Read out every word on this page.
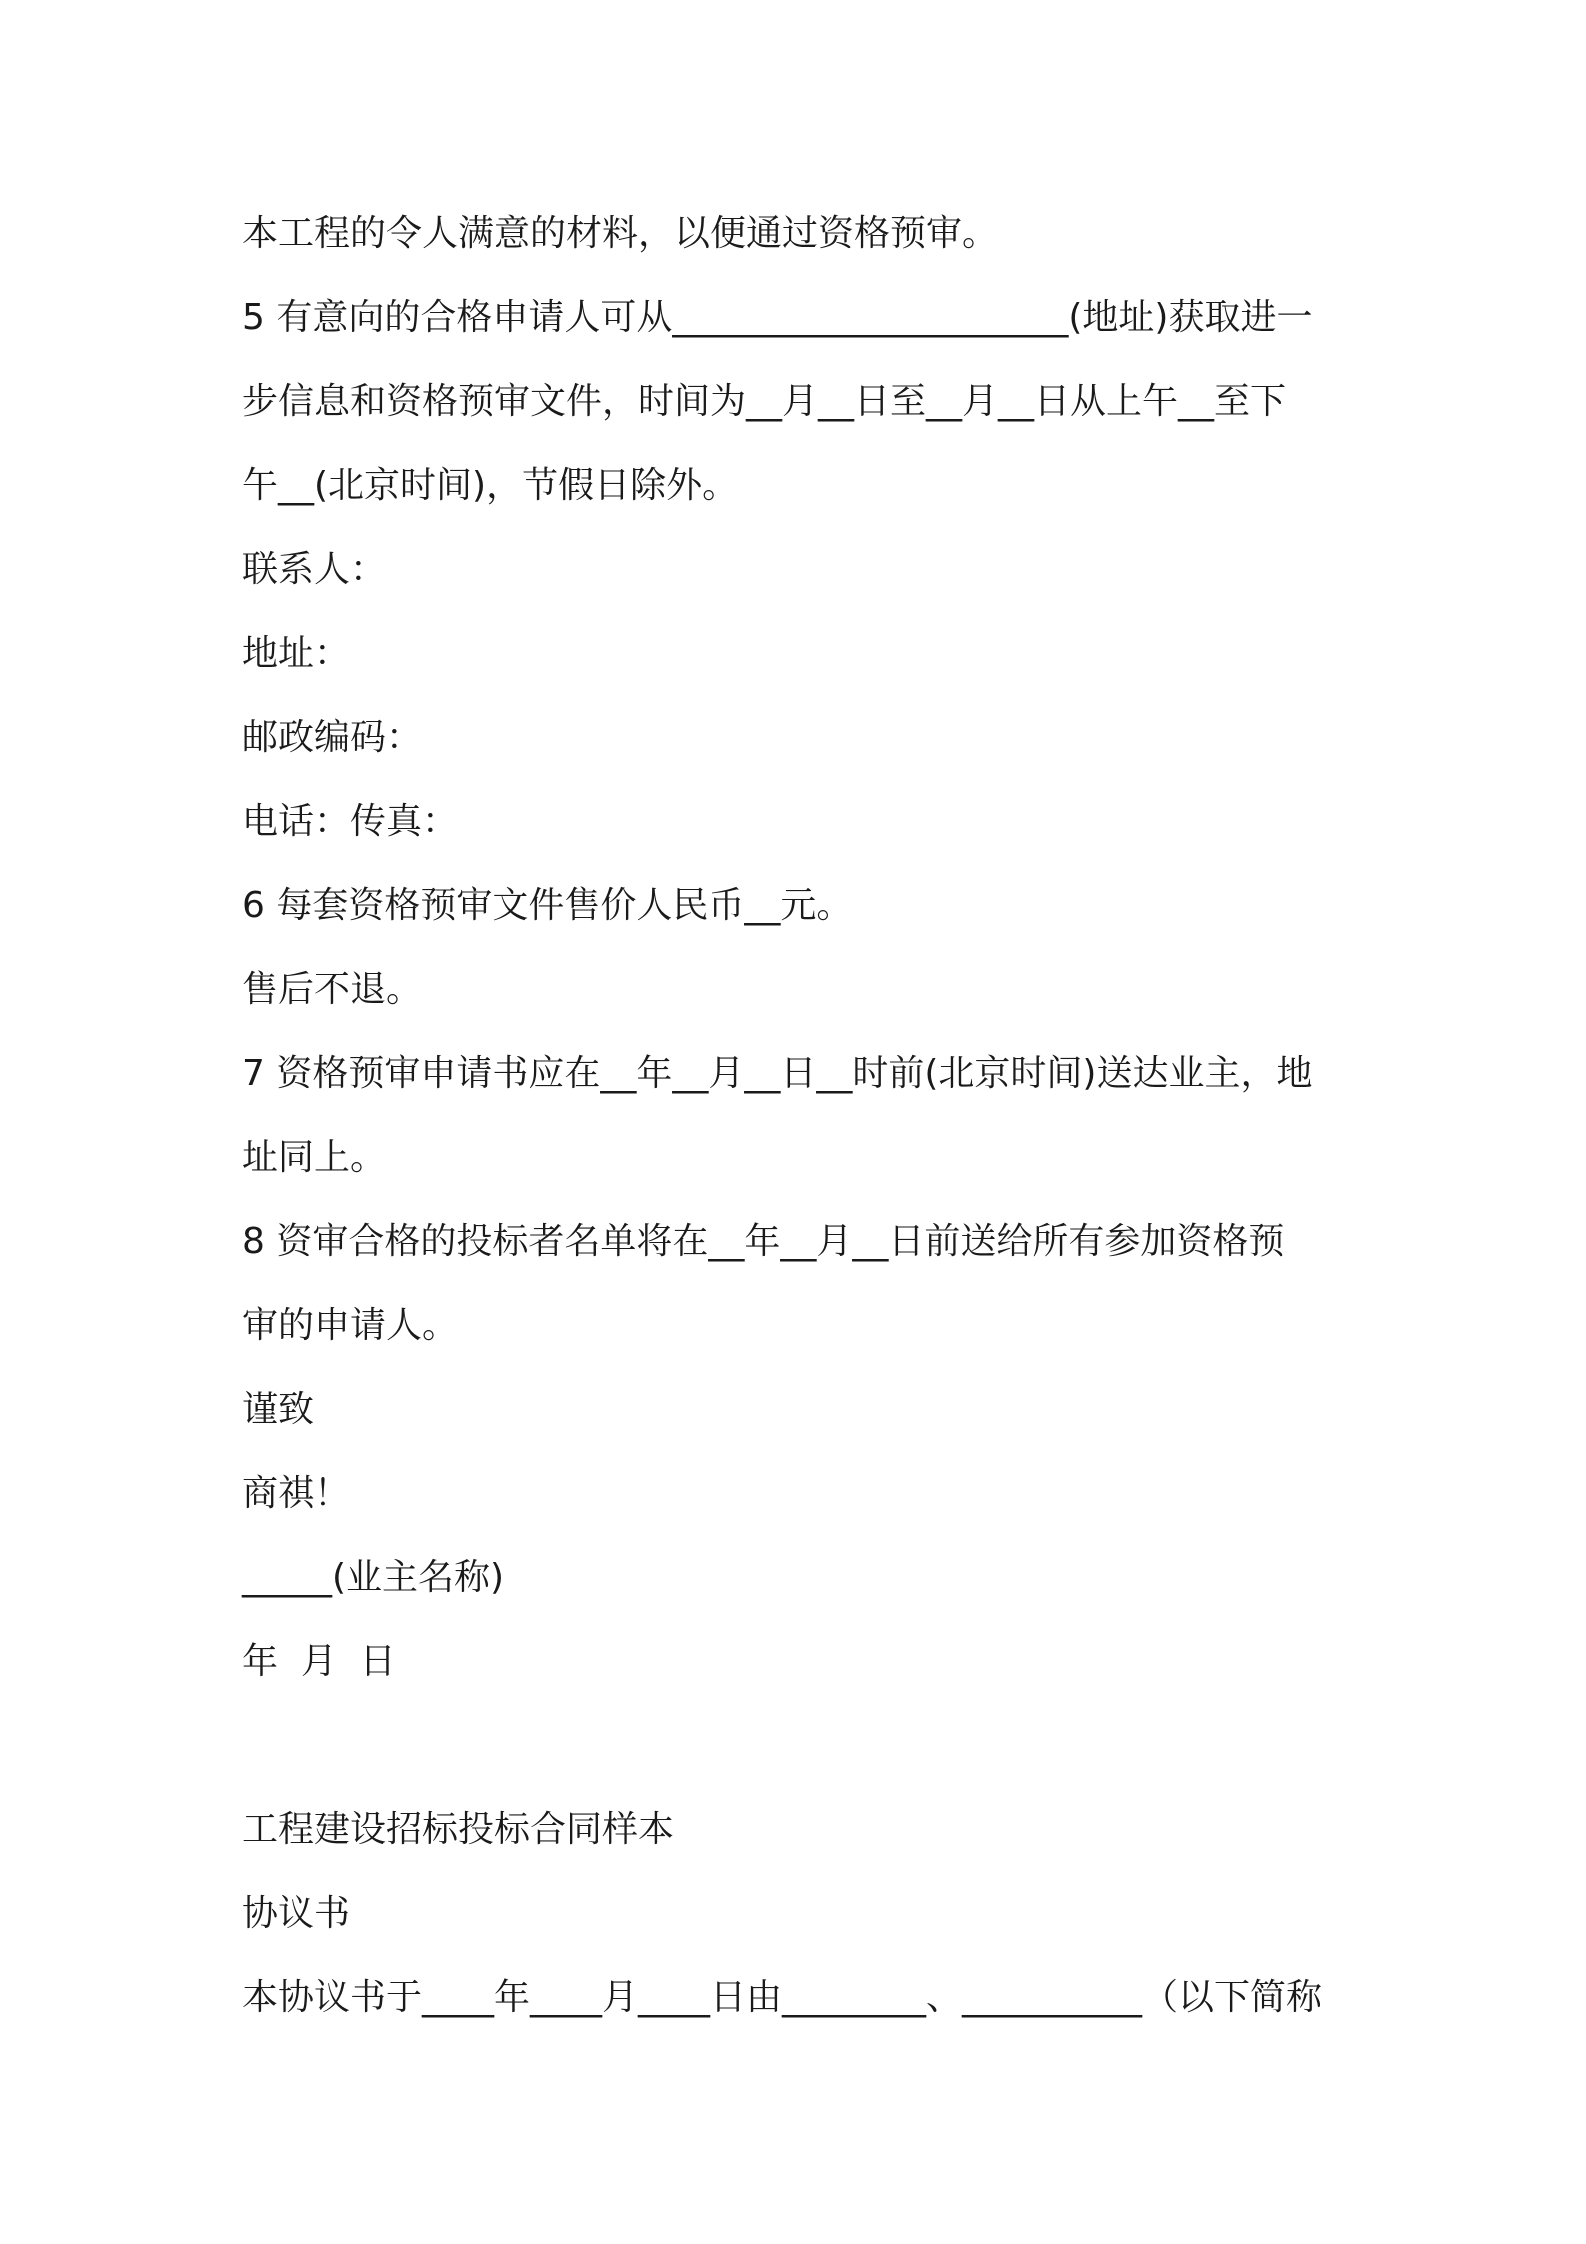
本工程的令人满意的材料，以便通过资格预审。
5 有意向的合格申请人可从______________________(地址)获取进一
步信息和资格预审文件，时间为__月__日至__月__日从上午__至下
午__(北京时间)，节假日除外。
联系人：
地址：
邮政编码：
电话：传真：
6 每套资格预审文件售价人民币__元。
售后不退。
7 资格预审申请书应在__年__月__日__时前(北京时间)送达业主，地
址同上。
8 资审合格的投标者名单将在__年__月__日前送给所有参加资格预
审的申请人。
谨致
商祺！
_____(业主名称)
年  月  日
工程建设招标投标合同样本
协议书
本协议书于____年____月____日由________、__________（以下简称
